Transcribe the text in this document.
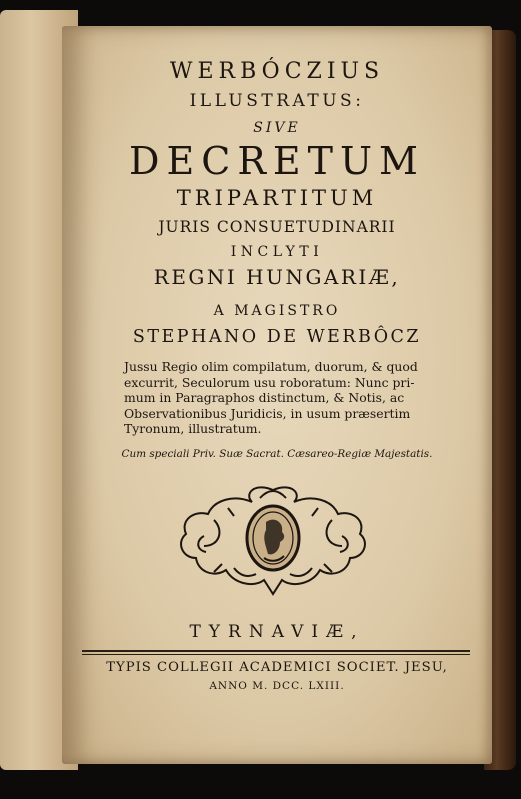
WERBÓCZIUS
ILLUSTRATUS:
SIVE
DECRETUM
TRIPARTITUM
JURIS CONSUETUDINARII
INCLYTI
REGNI HUNGARIÆ,
A MAGISTRO
STEPHANO DE WERBÔCZ
Jussu Regio olim compilatum, duorum, & quod
excurrit, Seculorum usu roboratum: Nunc pri-
mum in Paragraphos distinctum, & Notis, ac
Observationibus Juridicis, in usum præsertim
Tyronum, illustratum.
Cum speciali Priv. Suæ Sacrat. Cæsareo-Regiæ Majestatis.
TYRNAVIÆ,
TYPIS COLLEGII ACADEMICI SOCIET. JESU,
ANNO M. DCC. LXIII.
